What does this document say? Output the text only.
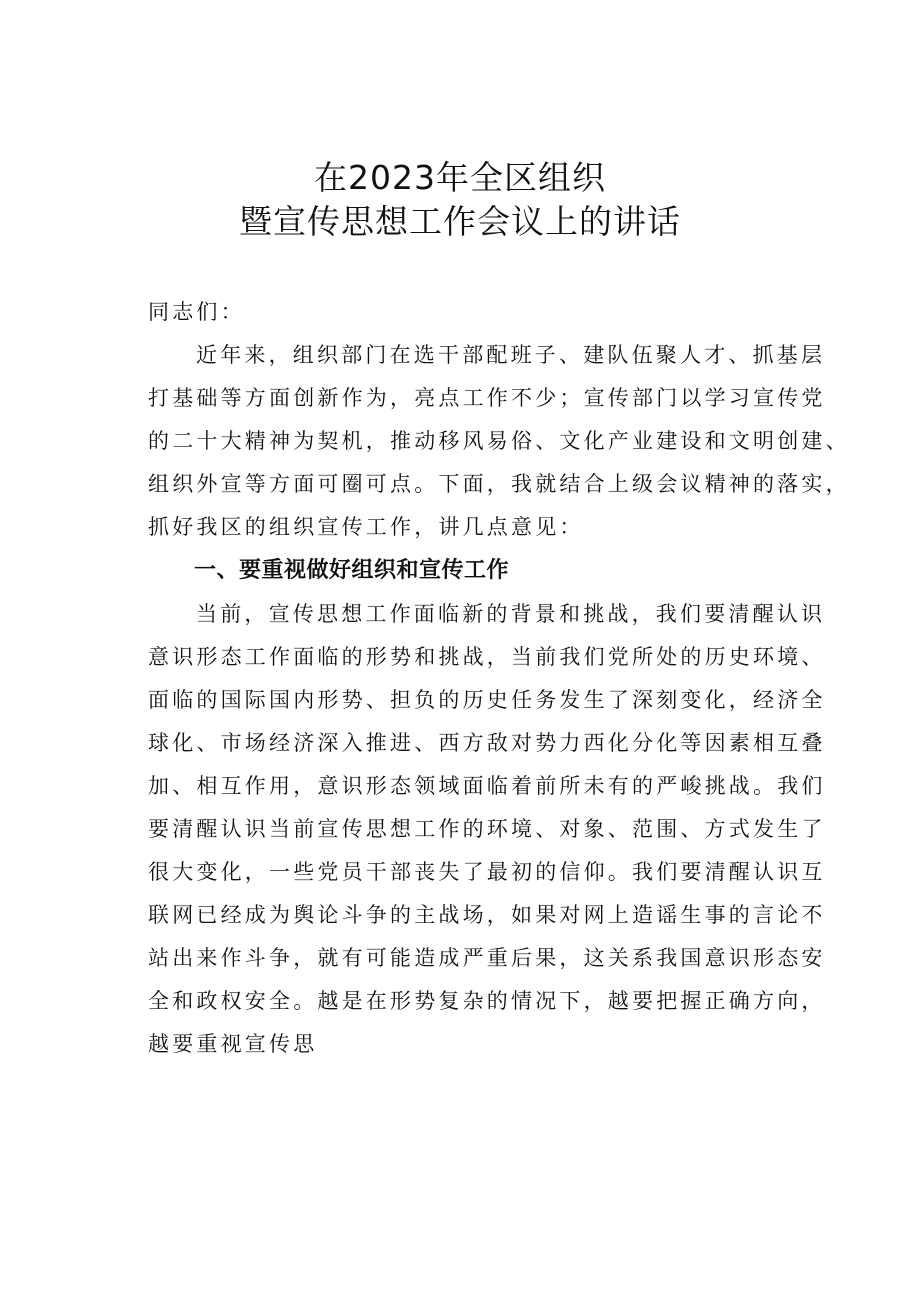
在2023年全区组织
暨宣传思想工作会议上的讲话
同志们：
近年来，组织部门在选干部配班子、建队伍聚人才、抓基层
打基础等方面创新作为，亮点工作不少；宣传部门以学习宣传党
的二十大精神为契机，推动移风易俗、文化产业建设和文明创建、
组织外宣等方面可圈可点。下面，我就结合上级会议精神的落实，
抓好我区的组织宣传工作，讲几点意见：
一、要重视做好组织和宣传工作
当前，宣传思想工作面临新的背景和挑战，我们要清醒认识
意识形态工作面临的形势和挑战，当前我们党所处的历史环境、
面临的国际国内形势、担负的历史任务发生了深刻变化，经济全
球化、市场经济深入推进、西方敌对势力西化分化等因素相互叠
加、相互作用，意识形态领域面临着前所未有的严峻挑战。我们
要清醒认识当前宣传思想工作的环境、对象、范围、方式发生了
很大变化，一些党员干部丧失了最初的信仰。我们要清醒认识互
联网已经成为舆论斗争的主战场，如果对网上造谣生事的言论不
站出来作斗争，就有可能造成严重后果，这关系我国意识形态安
全和政权安全。越是在形势复杂的情况下，越要把握正确方向，
越要重视宣传思
